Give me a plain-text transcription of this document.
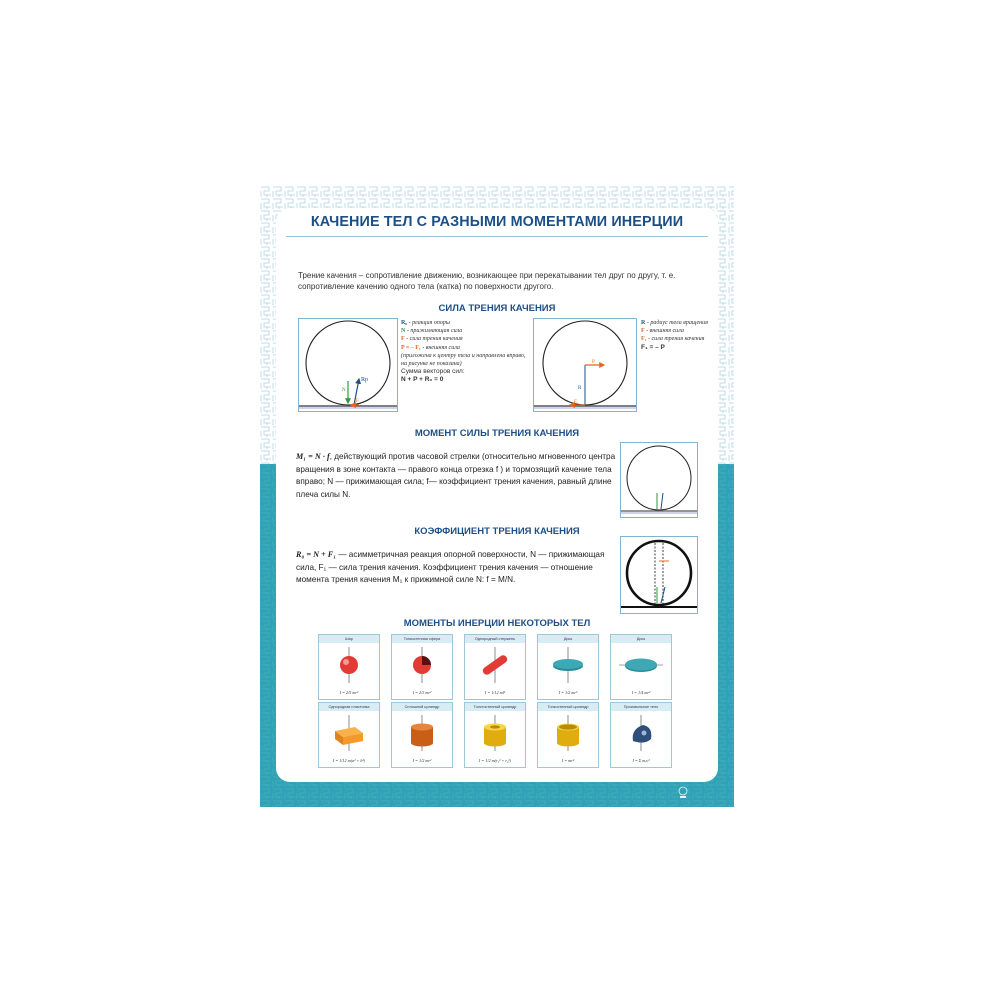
КАЧЕНИЕ ТЕЛ С РАЗНЫМИ МОМЕНТАМИ ИНЕРЦИИ
Трение качения – сопротивление движению, возникающее при перекатывании тел друг по другу, т. е. сопротивление качению одного тела (катка) по поверхности другого.
СИЛА ТРЕНИЯ КАЧЕНИЯ
Rp
N
F
R₀ - реакция опоры
N - прижимающая сила
F - сила трения качения
P = – F₁ - внешняя сила
(приложена к центру тела и направлена вправо, на рисунке не показана)
Сумма векторов сил:
N + P + R₀ = 0
R
P
F₁
R - радиус тела вращения
F - внешняя сила
F₁ - сила трения качения
F₁ = – P
МОМЕНТ СИЛЫ ТРЕНИЯ КАЧЕНИЯ
M₁ = N · f, действующий против часовой стрелки (относительно мгновенного центра вращения в зоне контакта — правого конца отрезка f ) и тормозящий качение тела вправо; N — прижимающая сила; f— коэффициент трения качения, равный длине плеча силы N.
КОЭФФИЦИЕНТ ТРЕНИЯ КАЧЕНИЯ
R₀ = N + F₁ — асимметричная реакция опорной поверхности, N — прижимающая сила, F₁ — сила трения качения. Коэффициент трения качения — отношение момента трения качения M₁ к прижимной силе N: f = M/N.
МОМЕНТЫ ИНЕРЦИИ НЕКОТОРЫХ ТЕЛ
Шар
I = 2/5 mr²
Тонкостенная сфера
I = 2/3 mr²
Однородный стержень
I = 1/12 ml²
Диск
I = 1/2 mr²
Диск
I = 1/4 mr²
Однородная пластинка
I = 1/12 m(a² + b²)
Сплошной цилиндр
I = 1/2 mr²
Толстостенный цилиндр
I = 1/2 m(r₁² + r₂²)
Тонкостенный цилиндр
I = mr²
Произвольное тело
I = Σ mᵢrᵢ²
